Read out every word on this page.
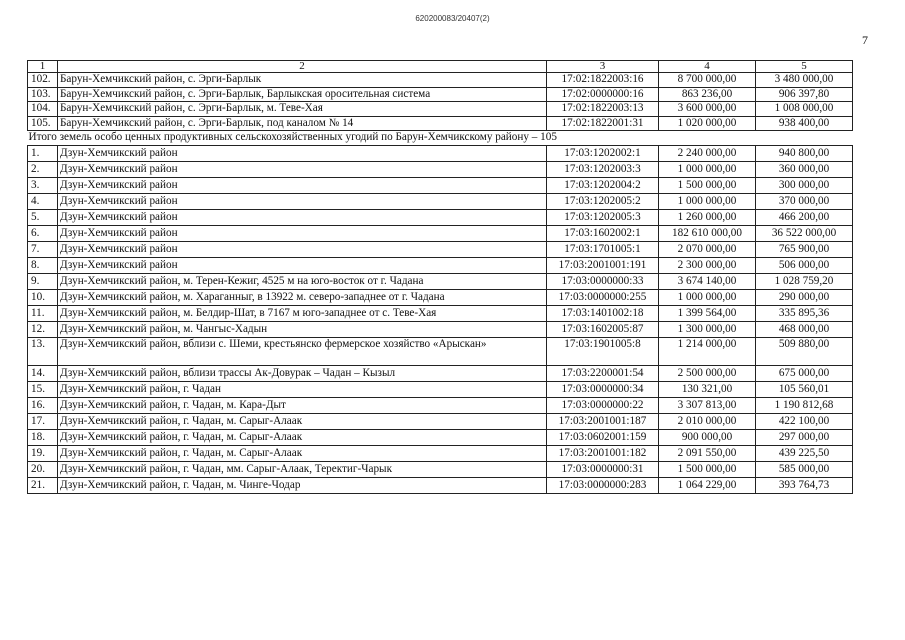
620200083/20407(2)
7
1	2	3	4	5
102.	Барун-Хемчикский район, с. Эрги-Барлык	17:02:1822003:16	8 700 000,00	3 480 000,00
103.	Барун-Хемчикский район, с. Эрги-Барлык, Барлыкская оросительная система	17:02:0000000:16	863 236,00	906 397,80
104.	Барун-Хемчикский район, с. Эрги-Барлык, м. Теве-Хая	17:02:1822003:13	3 600 000,00	1 008 000,00
105.	Барун-Хемчикский район, с. Эрги-Барлык, под каналом № 14	17:02:1822001:31	1 020 000,00	938 400,00
Итого земель особо ценных продуктивных сельскохозяйственных угодий по Барун-Хемчикскому району – 105				
1.	Дзун-Хемчикский район	17:03:1202002:1	2 240 000,00	940 800,00
2.	Дзун-Хемчикский район	17:03:1202003:3	1 000 000,00	360 000,00
3.	Дзун-Хемчикский район	17:03:1202004:2	1 500 000,00	300 000,00
4.	Дзун-Хемчикский район	17:03:1202005:2	1 000 000,00	370 000,00
5.	Дзун-Хемчикский район	17:03:1202005:3	1 260 000,00	466 200,00
6.	Дзун-Хемчикский район	17:03:1602002:1	182 610 000,00	36 522 000,00
7.	Дзун-Хемчикский район	17:03:1701005:1	2 070 000,00	765 900,00
8.	Дзун-Хемчикский район	17:03:2001001:191	2 300 000,00	506 000,00
9.	Дзун-Хемчикский район, м. Терен-Кежиг, 4525 м на юго-восток от г. Чадана	17:03:0000000:33	3 674 140,00	1 028 759,20
10.	Дзун-Хемчикский район, м. Хараганныг, в 13922 м. северо-западнее от г. Чадана	17:03:0000000:255	1 000 000,00	290 000,00
11.	Дзун-Хемчикский район, м. Белдир-Шат, в 7167 м юго-западнее от с. Теве-Хая	17:03:1401002:18	1 399 564,00	335 895,36
12.	Дзун-Хемчикский район, м. Чангыс-Хадын	17:03:1602005:87	1 300 000,00	468 000,00
13.	Дзун-Хемчикский район, вблизи с. Шеми, крестьянско фермерское хозяйство «Арыскан»	17:03:1901005:8	1 214 000,00	509 880,00
14.	Дзун-Хемчикский район, вблизи трассы Ак-Довурак – Чадан – Кызыл	17:03:2200001:54	2 500 000,00	675 000,00
15.	Дзун-Хемчикский район, г. Чадан	17:03:0000000:34	130 321,00	105 560,01
16.	Дзун-Хемчикский район, г. Чадан, м. Кара-Дыт	17:03:0000000:22	3 307 813,00	1 190 812,68
17.	Дзун-Хемчикский район, г. Чадан, м. Сарыг-Алаак	17:03:2001001:187	2 010 000,00	422 100,00
18.	Дзун-Хемчикский район, г. Чадан, м. Сарыг-Алаак	17:03:0602001:159	900 000,00	297 000,00
19.	Дзун-Хемчикский район, г. Чадан, м. Сарыг-Алаак	17:03:2001001:182	2 091 550,00	439 225,50
20.	Дзун-Хемчикский район, г. Чадан, мм. Сарыг-Алаак, Теректиг-Чарык	17:03:0000000:31	1 500 000,00	585 000,00
21.	Дзун-Хемчикский район, г. Чадан, м. Чинге-Чодар	17:03:0000000:283	1 064 229,00	393 764,73
